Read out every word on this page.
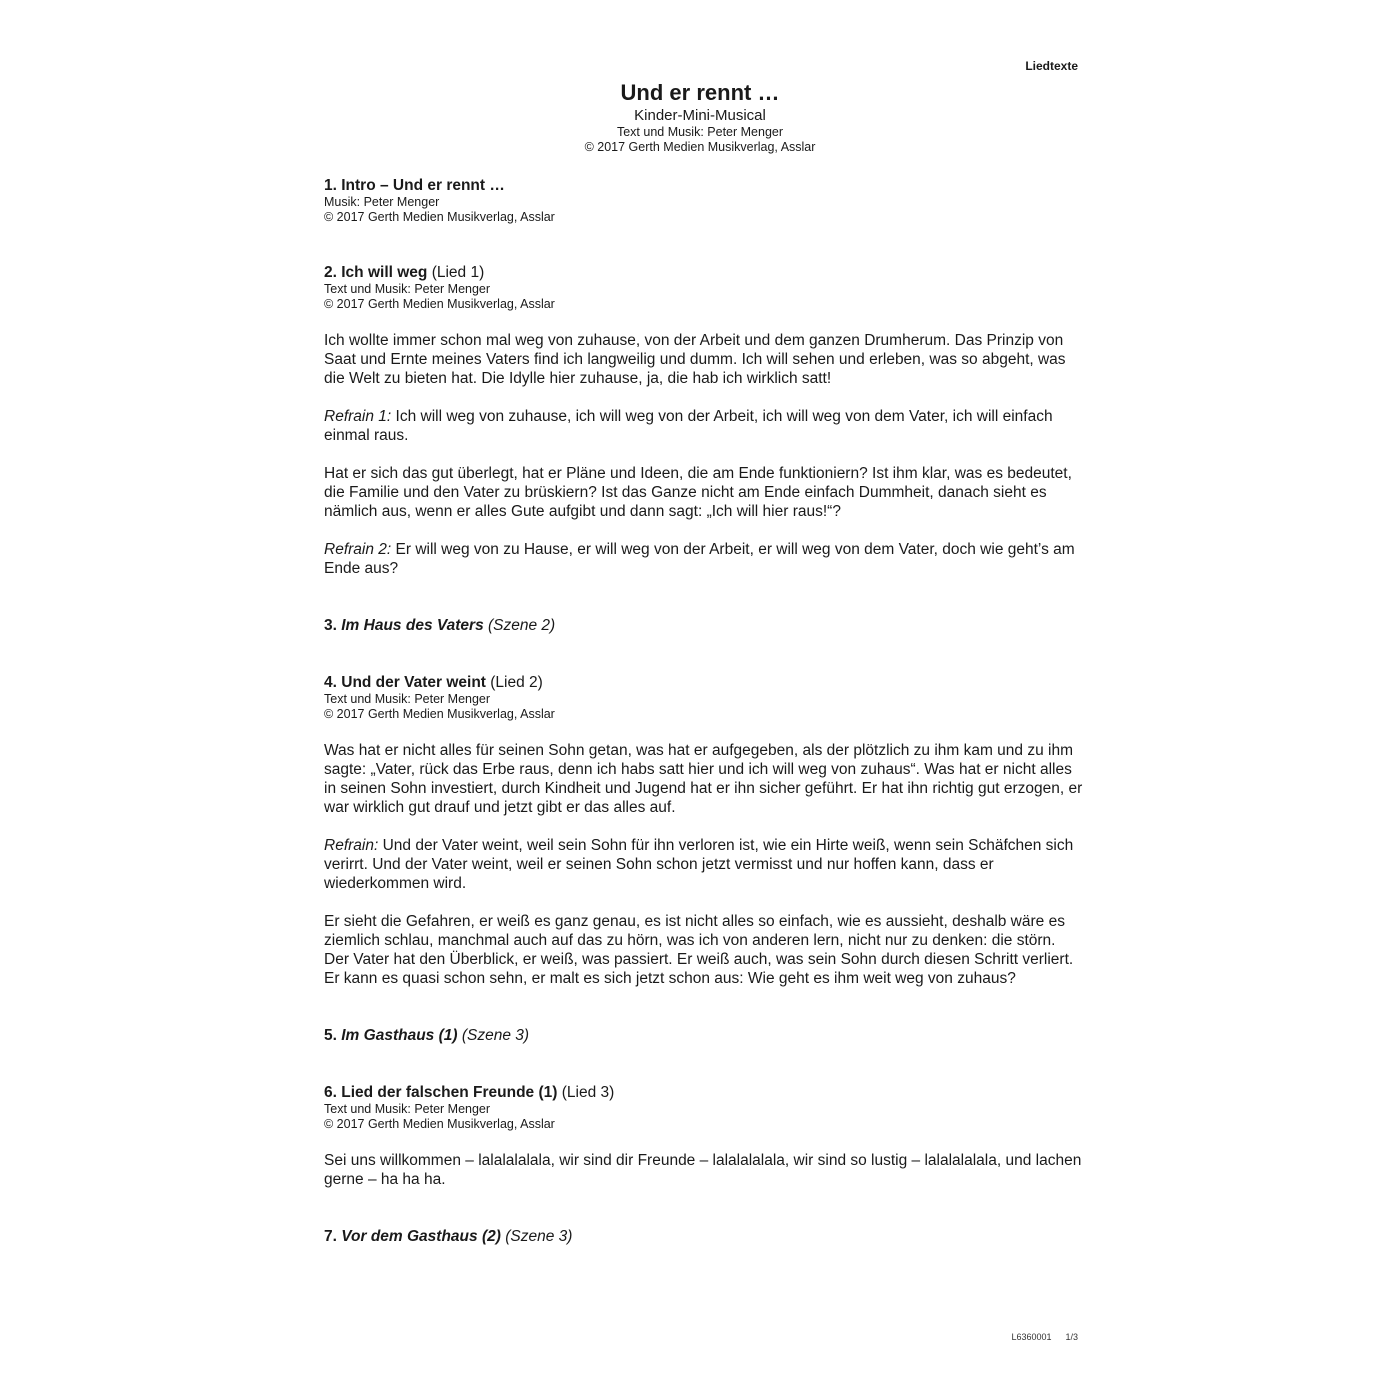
Liedtexte
Und er rennt …
Kinder-Mini-Musical
Text und Musik: Peter Menger
© 2017 Gerth Medien Musikverlag, Asslar
1. Intro – Und er rennt …
Musik: Peter Menger
© 2017 Gerth Medien Musikverlag, Asslar
2. Ich will weg (Lied 1)
Text und Musik: Peter Menger
© 2017 Gerth Medien Musikverlag, Asslar

Ich wollte immer schon mal weg von zuhause, von der Arbeit und dem ganzen Drumherum. Das Prinzip von Saat und Ernte meines Vaters find ich langweilig und dumm. Ich will sehen und erleben, was so abgeht, was die Welt zu bieten hat. Die Idylle hier zuhause, ja, die hab ich wirklich satt!

Refrain 1: Ich will weg von zuhause, ich will weg von der Arbeit, ich will weg von dem Vater, ich will einfach einmal raus.

Hat er sich das gut überlegt, hat er Pläne und Ideen, die am Ende funktioniern? Ist ihm klar, was es bedeutet, die Familie und den Vater zu brüskiern? Ist das Ganze nicht am Ende einfach Dummheit, danach sieht es nämlich aus, wenn er alles Gute aufgibt und dann sagt: „Ich will hier raus!“?

Refrain 2: Er will weg von zu Hause, er will weg von der Arbeit, er will weg von dem Vater, doch wie geht’s am Ende aus?

3. Im Haus des Vaters (Szene 2)
4. Und der Vater weint (Lied 2)
Text und Musik: Peter Menger
© 2017 Gerth Medien Musikverlag, Asslar

Was hat er nicht alles für seinen Sohn getan, was hat er aufgegeben, als der plötzlich zu ihm kam und zu ihm sagte: „Vater, rück das Erbe raus, denn ich habs satt hier und ich will weg von zuhaus“. Was hat er nicht alles in seinen Sohn investiert, durch Kindheit und Jugend hat er ihn sicher geführt. Er hat ihn richtig gut erzogen, er war wirklich gut drauf und jetzt gibt er das alles auf.

Refrain: Und der Vater weint, weil sein Sohn für ihn verloren ist, wie ein Hirte weiß, wenn sein Schäfchen sich verirrt. Und der Vater weint, weil er seinen Sohn schon jetzt vermisst und nur hoffen kann, dass er wiederkommen wird.

Er sieht die Gefahren, er weiß es ganz genau, es ist nicht alles so einfach, wie es aussieht, deshalb wäre es ziemlich schlau, manchmal auch auf das zu hörn, was ich von anderen lern, nicht nur zu denken: die störn. Der Vater hat den Überblick, er weiß, was passiert. Er weiß auch, was sein Sohn durch diesen Schritt verliert. Er kann es quasi schon sehn, er malt es sich jetzt schon aus: Wie geht es ihm weit weg von zuhaus?

5. Im Gasthaus (1) (Szene 3)
6. Lied der falschen Freunde (1) (Lied 3)
Text und Musik: Peter Menger
© 2017 Gerth Medien Musikverlag, Asslar

Sei uns willkommen – lalalalalala, wir sind dir Freunde – lalalalalala, wir sind so lustig – lalalalalala, und lachen gerne – ha ha ha.

7. Vor dem Gasthaus (2) (Szene 3)
L6360001 1/3
